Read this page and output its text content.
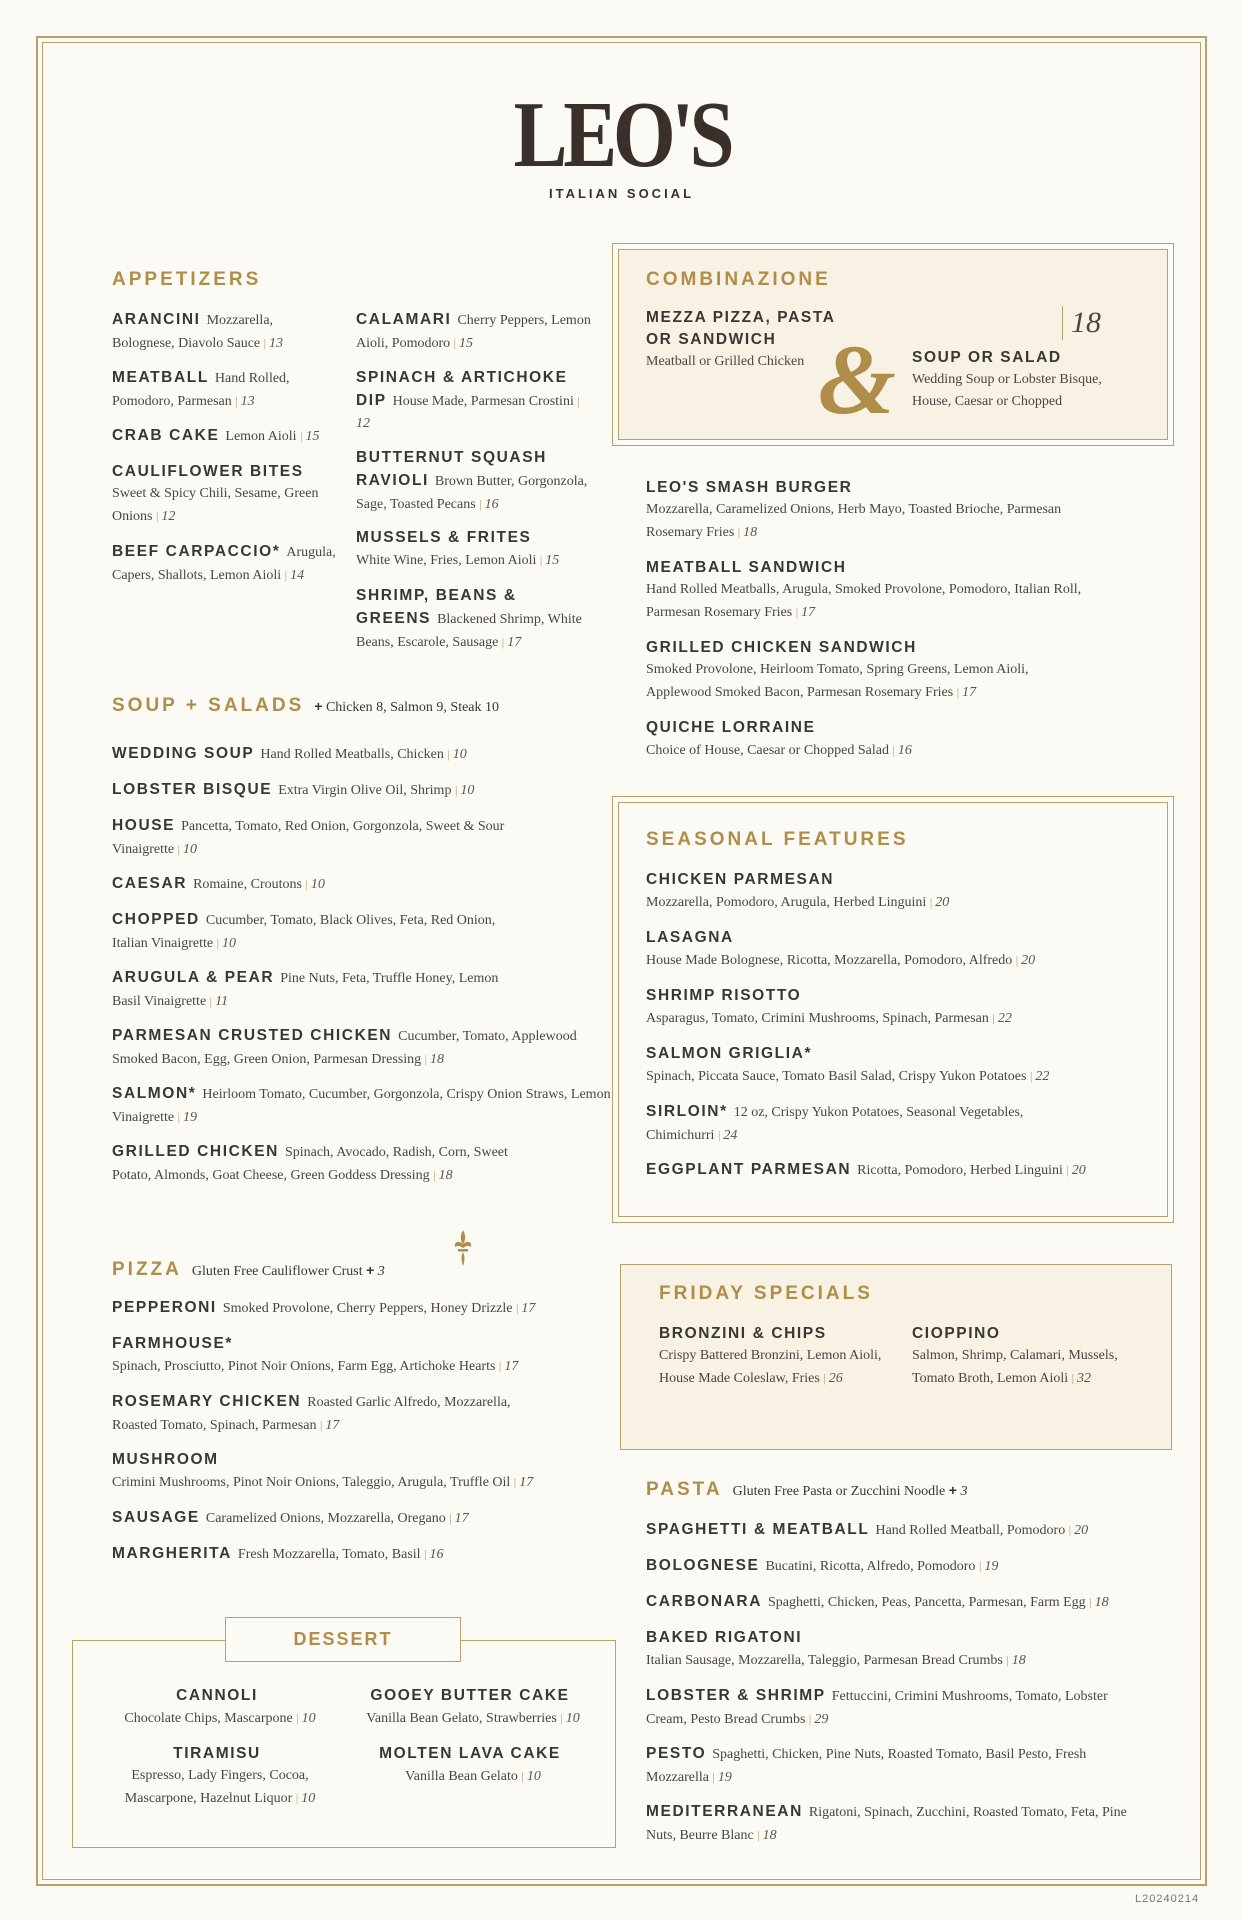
LEO'S
ITALIAN SOCIAL
APPETIZERS
ARANCINI Mozzarella, Bolognese, Diavolo Sauce | 13
MEATBALL Hand Rolled, Pomodoro, Parmesan | 13
CRAB CAKE Lemon Aioli | 15
CAULIFLOWER BITES
Sweet & Spicy Chili, Sesame, Green Onions | 12
BEEF CARPACCIO* Arugula, Capers, Shallots, Lemon Aioli | 14
CALAMARI Cherry Peppers, Lemon Aioli, Pomodoro | 15
SPINACH & ARTICHOKE DIP House Made, Parmesan Crostini | 12
BUTTERNUT SQUASH RAVIOLI Brown Butter, Gorgonzola, Sage, Toasted Pecans | 16
MUSSELS & FRITES
White Wine, Fries, Lemon Aioli | 15
SHRIMP, BEANS & GREENS Blackened Shrimp, White Beans, Escarole, Sausage | 17
COMBINAZIONE
MEZZA PIZZA, PASTA OR SANDWICH
Meatball or Grilled Chicken & SOUP OR SALAD
Wedding Soup or Lobster Bisque, House, Caesar or Chopped
18
LEO'S SMASH BURGER
Mozzarella, Caramelized Onions, Herb Mayo, Toasted Brioche, Parmesan Rosemary Fries | 18
MEATBALL SANDWICH
Hand Rolled Meatballs, Arugula, Smoked Provolone, Pomodoro, Italian Roll, Parmesan Rosemary Fries | 17
GRILLED CHICKEN SANDWICH
Smoked Provolone, Heirloom Tomato, Spring Greens, Lemon Aioli, Applewood Smoked Bacon, Parmesan Rosemary Fries | 17
QUICHE LORRAINE
Choice of House, Caesar or Chopped Salad | 16
SOUP + SALADS + Chicken 8, Salmon 9, Steak 10
WEDDING SOUP Hand Rolled Meatballs, Chicken | 10
LOBSTER BISQUE Extra Virgin Olive Oil, Shrimp | 10
HOUSE Pancetta, Tomato, Red Onion, Gorgonzola, Sweet & Sour Vinaigrette | 10
CAESAR Romaine, Croutons | 10
CHOPPED Cucumber, Tomato, Black Olives, Feta, Red Onion, Italian Vinaigrette | 10
ARUGULA & PEAR Pine Nuts, Feta, Truffle Honey, Lemon Basil Vinaigrette | 11
PARMESAN CRUSTED CHICKEN Cucumber, Tomato, Applewood Smoked Bacon, Egg, Green Onion, Parmesan Dressing | 18
SALMON* Heirloom Tomato, Cucumber, Gorgonzola, Crispy Onion Straws, Lemon Vinaigrette | 19
GRILLED CHICKEN Spinach, Avocado, Radish, Corn, Sweet Potato, Almonds, Goat Cheese, Green Goddess Dressing | 18
SEASONAL FEATURES
CHICKEN PARMESAN
Mozzarella, Pomodoro, Arugula, Herbed Linguini | 20
LASAGNA
House Made Bolognese, Ricotta, Mozzarella, Pomodoro, Alfredo | 20
SHRIMP RISOTTO
Asparagus, Tomato, Crimini Mushrooms, Spinach, Parmesan | 22
SALMON GRIGLIA*
Spinach, Piccata Sauce, Tomato Basil Salad, Crispy Yukon Potatoes | 22
SIRLOIN* 12 oz, Crispy Yukon Potatoes, Seasonal Vegetables, Chimichurri | 24
EGGPLANT PARMESAN Ricotta, Pomodoro, Herbed Linguini | 20
PIZZA Gluten Free Cauliflower Crust + 3
PEPPERONI Smoked Provolone, Cherry Peppers, Honey Drizzle | 17
FARMHOUSE*
Spinach, Prosciutto, Pinot Noir Onions, Farm Egg, Artichoke Hearts | 17
ROSEMARY CHICKEN Roasted Garlic Alfredo, Mozzarella, Roasted Tomato, Spinach, Parmesan | 17
MUSHROOM
Crimini Mushrooms, Pinot Noir Onions, Taleggio, Arugula, Truffle Oil | 17
SAUSAGE Caramelized Onions, Mozzarella, Oregano | 17
MARGHERITA Fresh Mozzarella, Tomato, Basil | 16
FRIDAY SPECIALS
BRONZINI & CHIPS
Crispy Battered Bronzini, Lemon Aioli, House Made Coleslaw, Fries | 26
CIOPPINO
Salmon, Shrimp, Calamari, Mussels, Tomato Broth, Lemon Aioli | 32
PASTA Gluten Free Pasta or Zucchini Noodle + 3
SPAGHETTI & MEATBALL Hand Rolled Meatball, Pomodoro | 20
BOLOGNESE Bucatini, Ricotta, Alfredo, Pomodoro | 19
CARBONARA Spaghetti, Chicken, Peas, Pancetta, Parmesan, Farm Egg | 18
BAKED RIGATONI
Italian Sausage, Mozzarella, Taleggio, Parmesan Bread Crumbs | 18
LOBSTER & SHRIMP Fettuccini, Crimini Mushrooms, Tomato, Lobster Cream, Pesto Bread Crumbs | 29
PESTO Spaghetti, Chicken, Pine Nuts, Roasted Tomato, Basil Pesto, Fresh Mozzarella | 19
MEDITERRANEAN Rigatoni, Spinach, Zucchini, Roasted Tomato, Feta, Pine Nuts, Beurre Blanc | 18
DESSERT
CANNOLI
Chocolate Chips, Mascarpone | 10
GOOEY BUTTER CAKE
Vanilla Bean Gelato, Strawberries | 10
TIRAMISU
Espresso, Lady Fingers, Cocoa, Mascarpone, Hazelnut Liquor | 10
MOLTEN LAVA CAKE
Vanilla Bean Gelato | 10
L20240214
